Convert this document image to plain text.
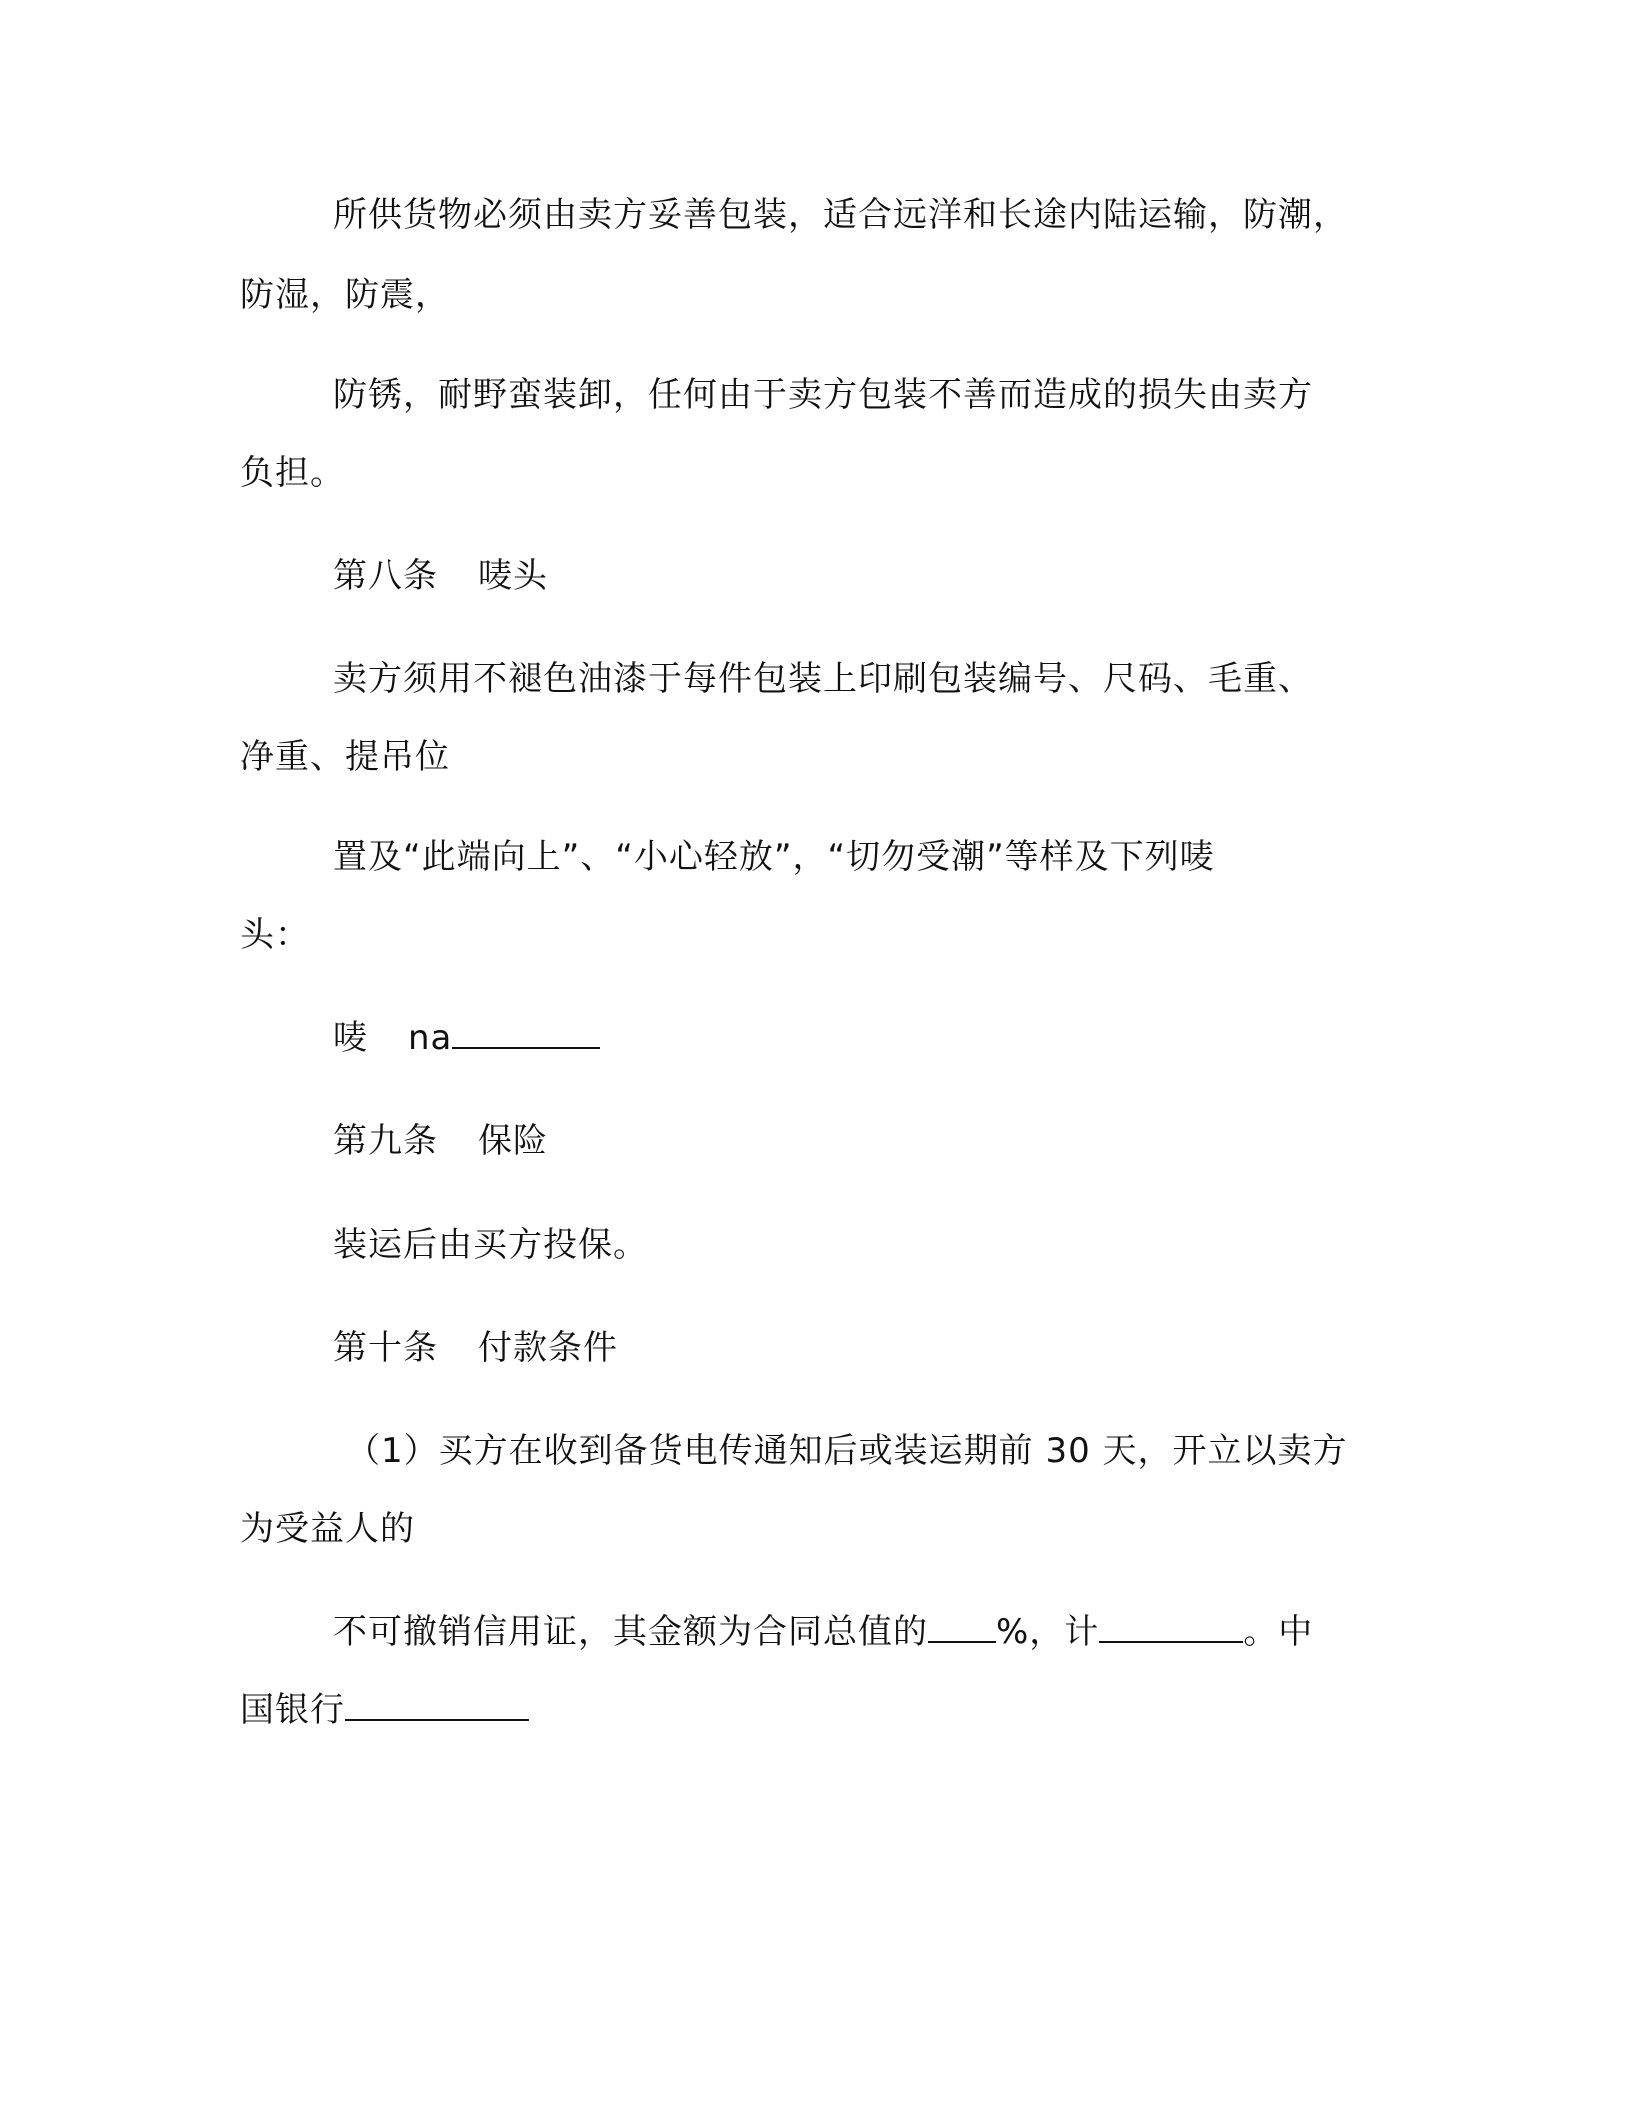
所供货物必须由卖方妥善包装，适合远洋和长途内陆运输，防潮，
防湿，防震，
防锈，耐野蛮装卸，任何由于卖方包装不善而造成的损失由卖方
负担。
第八条 唛头
卖方须用不褪色油漆于每件包装上印刷包装编号、尺码、毛重、
净重、提吊位
置及“此端向上”、“小心轻放”，“切勿受潮”等样及下列唛
头：
唛 na
第九条 保险
装运后由买方投保。
第十条 付款条件
（1）买方在收到备货电传通知后或装运期前 30 天，开立以卖方
为受益人的
不可撤销信用证，其金额为合同总值的 %，计	。中
国银行
